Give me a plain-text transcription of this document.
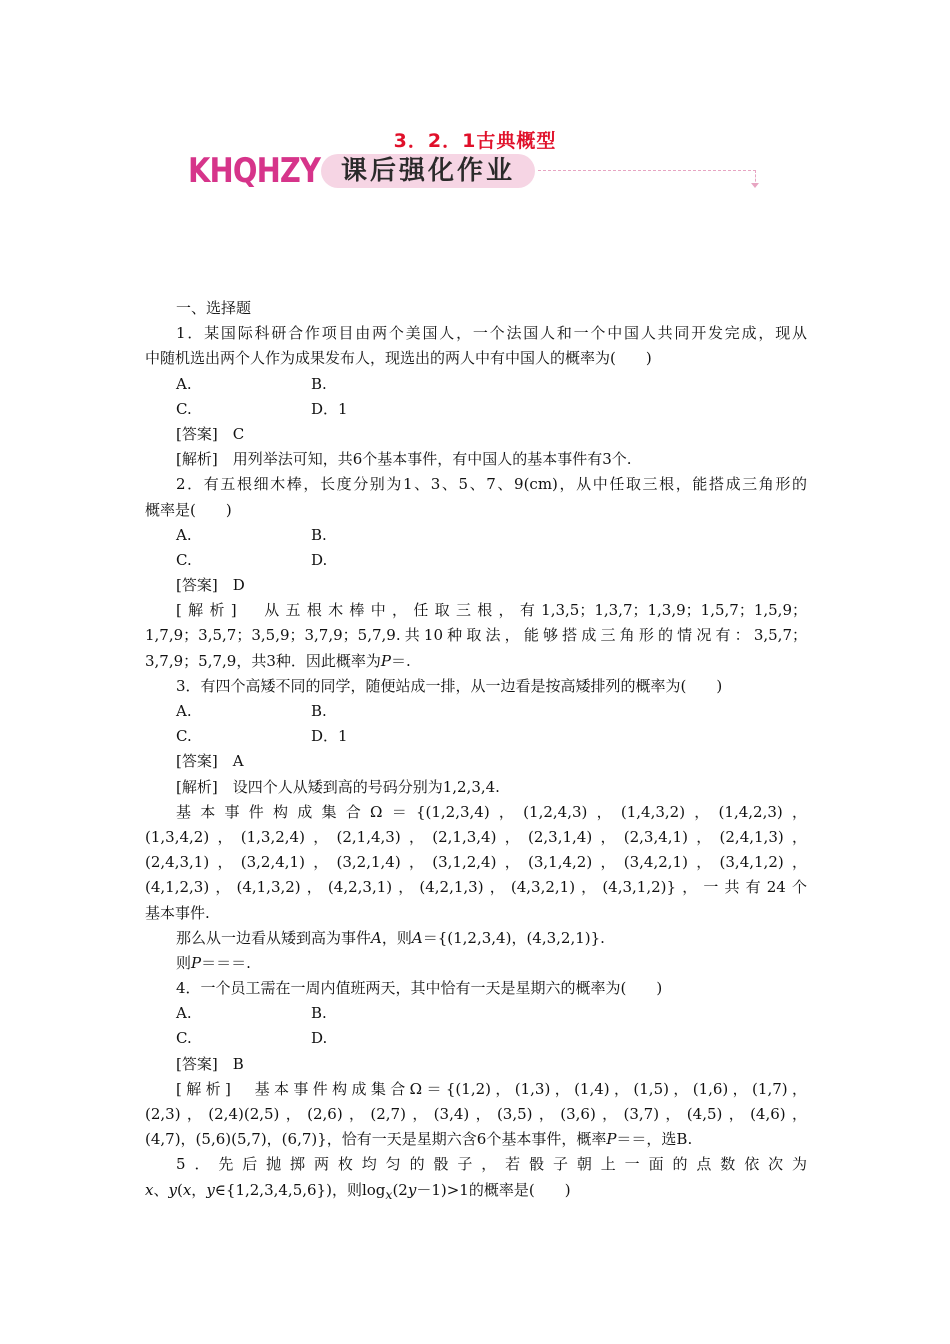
3．2．1古典概型
KHQHZY 课后强化作业
一、选择题
1．某国际科研合作项目由两个美国人，一个法国人和一个中国人共同开发完成，现从
中随机选出两个人作为成果发布人，现选出的两人中有中国人的概率为(　　)
A.	B.
C.	D．1
[答案]　C
[解析]　用列举法可知，共6个基本事件，有中国人的基本事件有3个.
2．有五根细木棒，长度分别为1、3、5、7、9(cm)，从中任取三根，能搭成三角形的
概率是(　　)
A.	B.
C.	D.
[答案]　D
[解析]　从五根木棒中，任取三根，有1,3,5；1,3,7；1,3,9；1,5,7；1,5,9；
1,7,9；3,5,7；3,5,9；3,7,9；5,7,9.共10种取法，能够搭成三角形的情况有：3,5,7；
3,7,9；5,7,9，共3种．因此概率为P＝.
3．有四个高矮不同的同学，随便站成一排，从一边看是按高矮排列的概率为(　　)
A.	B.
C.	D．1
[答案]　A
[解析]　设四个人从矮到高的号码分别为1,2,3,4.
基本事件构成集合Ω＝{(1,2,3,4)，(1,2,4,3)，(1,4,3,2)，(1,4,2,3)，
(1,3,4,2)，(1,3,2,4)，(2,1,4,3)，(2,1,3,4)，(2,3,1,4)，(2,3,4,1)，(2,4,1,3)，
(2,4,3,1)，(3,2,4,1)，(3,2,1,4)，(3,1,2,4)，(3,1,4,2)，(3,4,2,1)，(3,4,1,2)，
(4,1,2,3)，(4,1,3,2)，(4,2,3,1)，(4,2,1,3)，(4,3,2,1)，(4,3,1,2)}，一共有24个
基本事件.
那么从一边看从矮到高为事件A，则A＝{(1,2,3,4)，(4,3,2,1)}.
则P＝＝＝.
4．一个员工需在一周内值班两天，其中恰有一天是星期六的概率为(　　)
A.	B.
C.	D.
[答案]　B
[解析]　基本事件构成集合Ω＝{(1,2)，(1,3)，(1,4)，(1,5)，(1,6)，(1,7)，
(2,3)，(2,4)(2,5)，(2,6)，(2,7)，(3,4)，(3,5)，(3,6)，(3,7)，(4,5)，(4,6)，
(4,7)，(5,6)(5,7)，(6,7)}，恰有一天是星期六含6个基本事件，概率P＝＝，选B.
5．先后抛掷两枚均匀的骰子，若骰子朝上一面的点数依次为
x、y(x，y∈{1,2,3,4,5,6})，则$\log_x(2y-1)>1$的概率是(　　)
